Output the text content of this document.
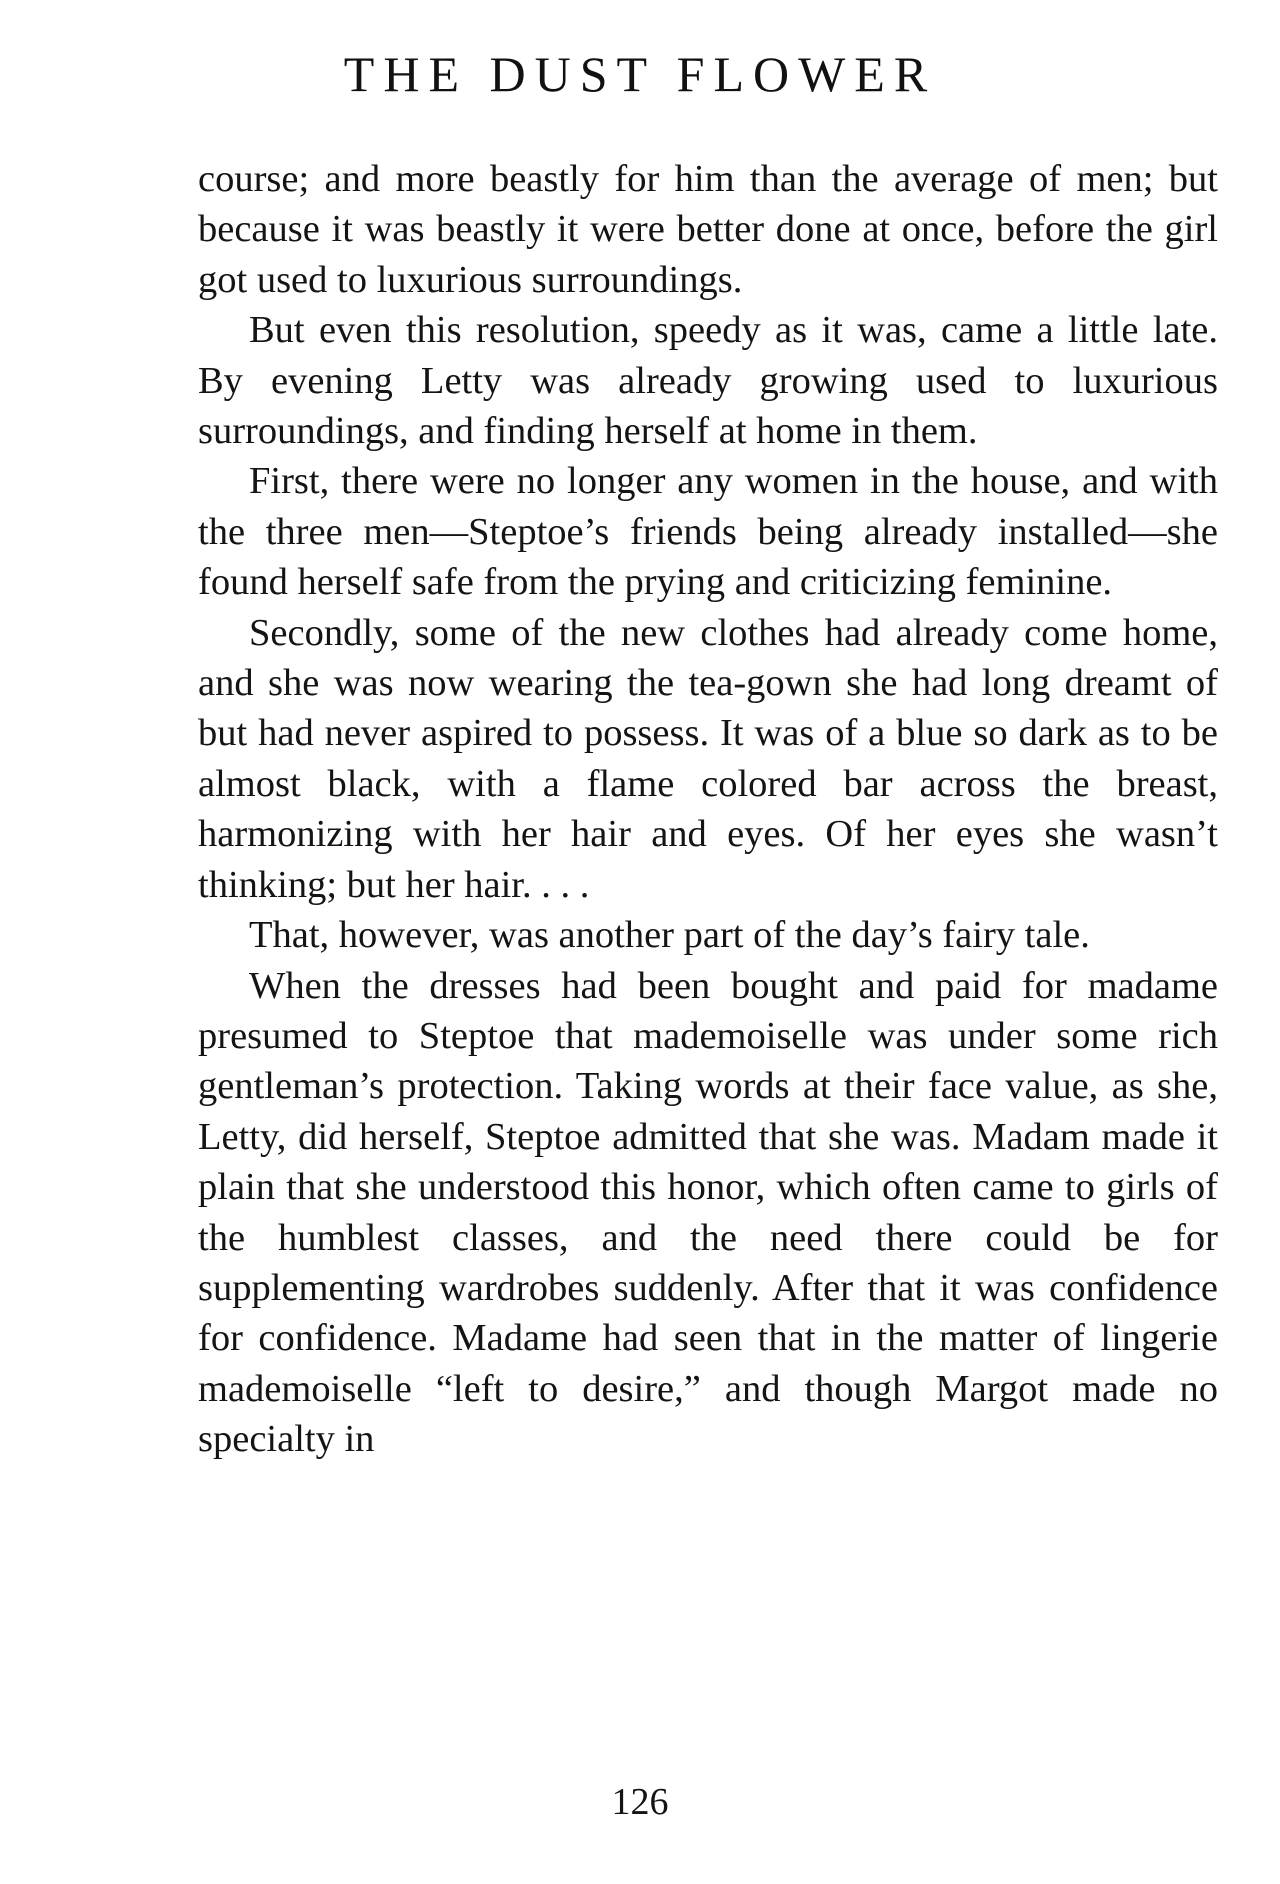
THE DUST FLOWER

course; and more beastly for him than the average of men; but because it was beastly it were better done at once, before the girl got used to luxurious surroundings.

But even this resolution, speedy as it was, came a little late. By evening Letty was already growing used to luxurious surroundings, and finding herself at home in them.

First, there were no longer any women in the house, and with the three men—Steptoe’s friends being already installed—she found herself safe from the prying and criticizing feminine.

Secondly, some of the new clothes had already come home, and she was now wearing the tea-gown she had long dreamt of but had never aspired to possess. It was of a blue so dark as to be almost black, with a flame colored bar across the breast, harmonizing with her hair and eyes. Of her eyes she wasn’t thinking; but her hair. . . .

That, however, was another part of the day’s fairy tale.

When the dresses had been bought and paid for madame presumed to Steptoe that mademoiselle was under some rich gentleman’s protection. Taking words at their face value, as she, Letty, did herself, Steptoe admitted that she was. Madam made it plain that she understood this honor, which often came to girls of the humblest classes, and the need there could be for supplementing wardrobes suddenly. After that it was confidence for confidence. Madame had seen that in the matter of lingerie mademoiselle “left to desire,” and though Margot made no specialty in

126
